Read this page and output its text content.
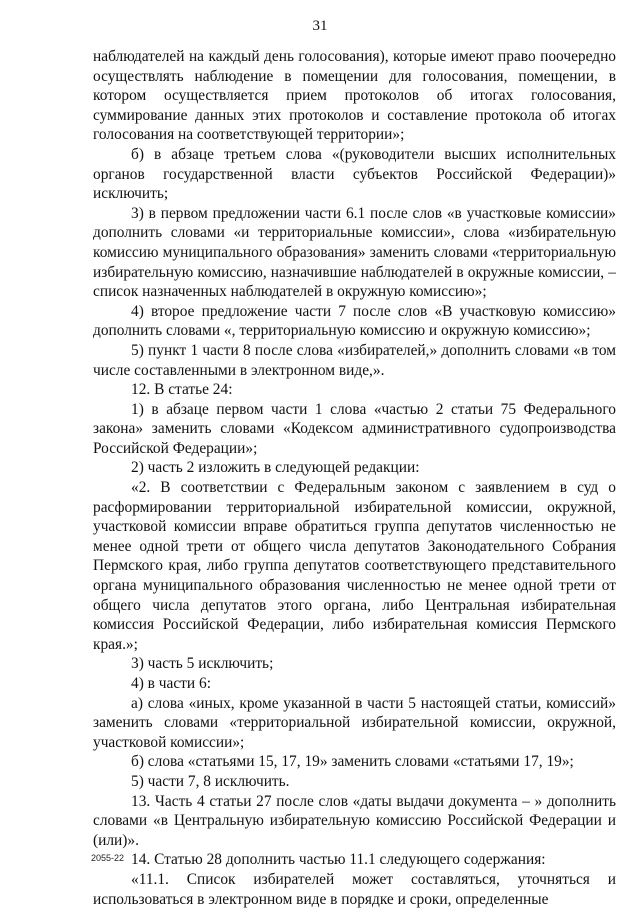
31

наблюдателей на каждый день голосования), которые имеют право поочередно осуществлять наблюдение в помещении для голосования, помещении, в котором осуществляется прием протоколов об итогах голосования, суммирование данных этих протоколов и составление протокола об итогах голосования на соответствующей территории»;

б) в абзаце третьем слова «(руководители высших исполнительных органов государственной власти субъектов Российской Федерации)» исключить;

3) в первом предложении части 6.1 после слов «в участковые комиссии» дополнить словами «и территориальные комиссии», слова «избирательную комиссию муниципального образования» заменить словами «территориальную избирательную комиссию, назначившие наблюдателей в окружные комиссии, – список назначенных наблюдателей в окружную комиссию»;

4) второе предложение части 7 после слов «В участковую комиссию» дополнить словами «, территориальную комиссию и окружную комиссию»;

5) пункт 1 части 8 после слова «избирателей,» дополнить словами «в том числе составленными в электронном виде,».

12. В статье 24:

1) в абзаце первом части 1 слова «частью 2 статьи 75 Федерального закона» заменить словами «Кодексом административного судопроизводства Российской Федерации»;

2) часть 2 изложить в следующей редакции:

«2. В соответствии с Федеральным законом с заявлением в суд о расформировании территориальной избирательной комиссии, окружной, участковой комиссии вправе обратиться группа депутатов численностью не менее одной трети от общего числа депутатов Законодательного Собрания Пермского края, либо группа депутатов соответствующего представительного органа муниципального образования численностью не менее одной трети от общего числа депутатов этого органа, либо Центральная избирательная комиссия Российской Федерации, либо избирательная комиссия Пермского края.»;

3) часть 5 исключить;

4) в части 6:

а) слова «иных, кроме указанной в части 5 настоящей статьи, комиссий» заменить словами «территориальной избирательной комиссии, окружной, участковой комиссии»;

б) слова «статьями 15, 17, 19» заменить словами «статьями 17, 19»;

5) части 7, 8 исключить.

13. Часть 4 статьи 27 после слов «даты выдачи документа – » дополнить словами «в Центральную избирательную комиссию Российской Федерации и (или)».

14. Статью 28 дополнить частью 11.1 следующего содержания:

«11.1. Список избирателей может составляться, уточняться и использоваться в электронном виде в порядке и сроки, определенные

2055-22
